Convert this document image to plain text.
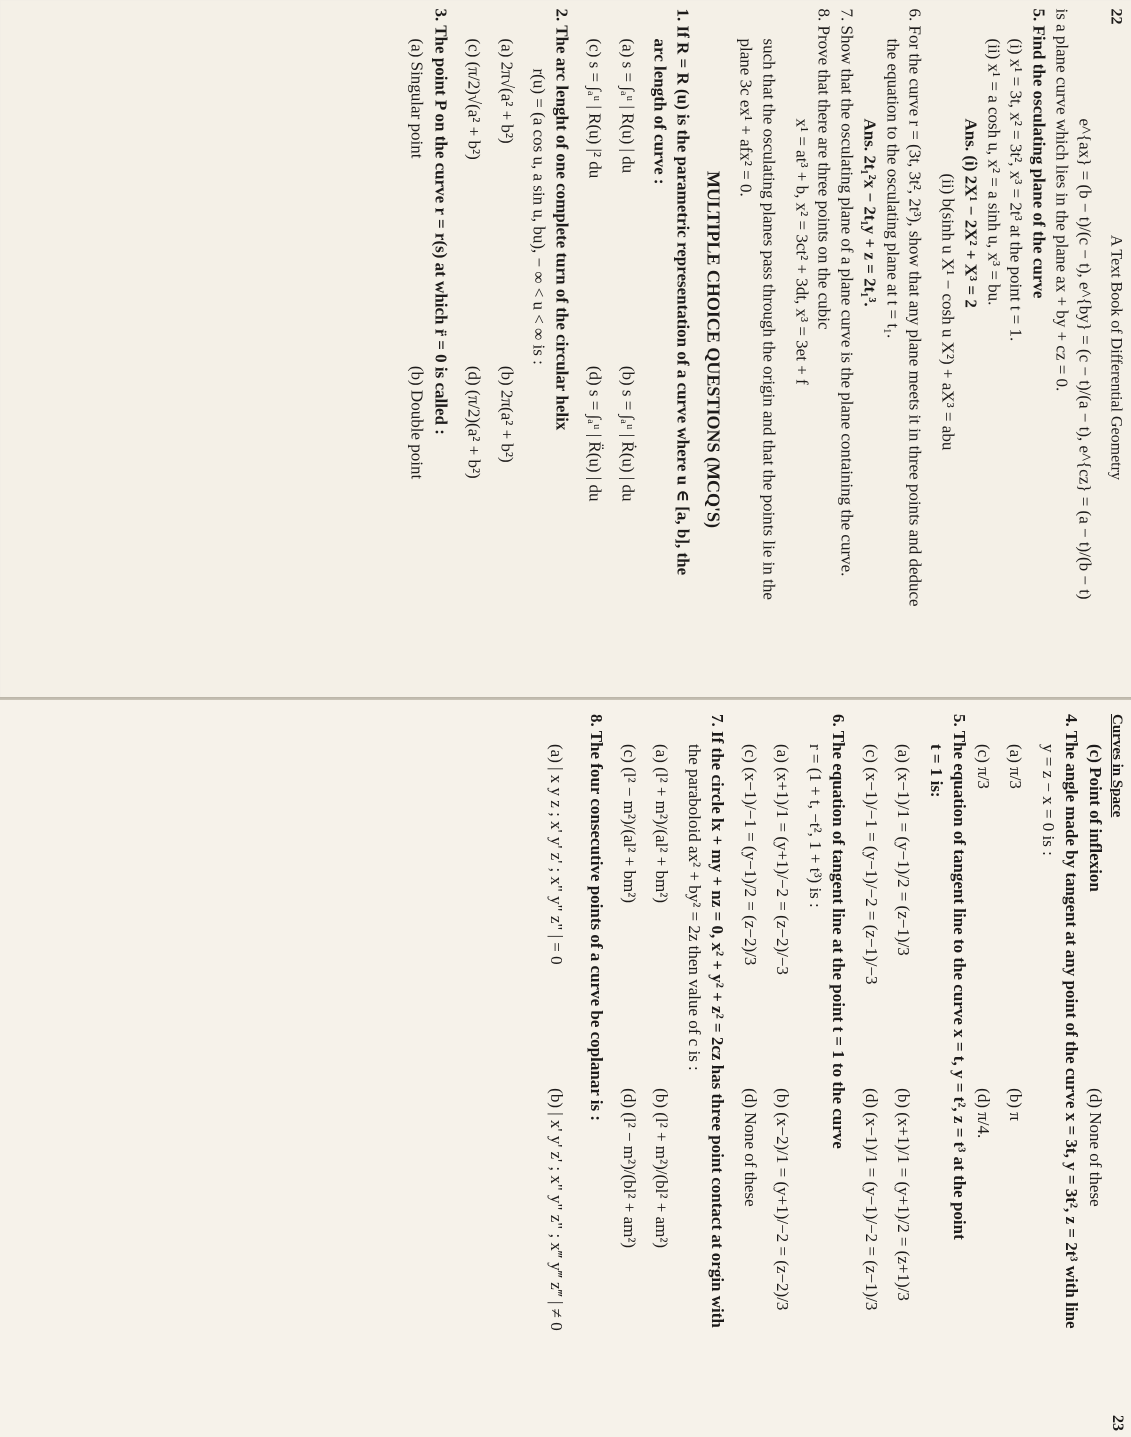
22
A Text Book of Differential Geometry
e^{ax} = (b − t)/(c − t), e^{by} = (c − t)/(a − t), e^{cz} = (a − t)/(b − t)
is a plane curve which lies in the plane ax + by + cz = 0.
5. Find the osculating plane of the curve
(i) x¹ = 3t, x² = 3t², x³ = 2t³ at the point t = 1.
(ii) x¹ = a cosh u, x² = a sinh u, x³ = bu.
Ans. (i) 2X¹ − 2X² + X³ = 2
(ii) b(sinh u X¹ − cosh u X²) + aX³ = abu
6. For the curve r = (3t, 3t², 2t³), show that any plane meets it in three points and deduce
the equation to the osculating plane at t = t₁.
Ans. 2t₁²x − 2t₁y + z = 2t₁³.
7. Show that the osculating plane of a plane curve is the plane containing the curve.
8. Prove that there are three points on the cubic
x¹ = at³ + b, x² = 3ct² + 3dt, x³ = 3et + f
such that the osculating planes pass through the origin and that the points lie in the
plane 3c ex¹ + afx² = 0.
MULTIPLE CHOICE QUESTIONS (MCQ'S)
1. If R = R (u) is the parametric representation of a curve where u ∈ [a, b], the
arc length of curve :
(a) s = ∫ₐᵘ | R(u) | du
(b) s = ∫ₐᵘ | Ṙ(u) | du
(c) s = ∫ₐᵘ | R(u) |² du
(d) s = ∫ₐᵘ | R̈(u) | du
2. The arc lenght of one complete turn of the circular helix
r(u) = (a cos u, a sin u, bu), − ∞ < u < ∞ is :
(a) 2π√(a² + b²)
(b) 2π(a² + b²)
(c) (π/2)√(a² + b²)
(d) (π/2)(a² + b²)
3. The point P on the curve r = r(s) at which r̈ = 0 is called :
(a) Singular point
(b) Double point
Curves in Space
23
(c) Point of inflexion
(d) None of these
4. The angle made by tangent at any point of the curve x = 3t, y = 3t², z = 2t³ with line
y = z − x = 0 is :
(a) π/3
(b) π
(c) π/3
(d) π/4.
5. The equation of tangent line to the curve x = t, y = t², z = t³ at the point
t = 1 is:
(a) (x−1)/1 = (y−1)/2 = (z−1)/3
(b) (x+1)/1 = (y+1)/2 = (z+1)/3
(c) (x−1)/−1 = (y−1)/−2 = (z−1)/−3
(d) (x−1)/1 = (y−1)/−2 = (z−1)/3
6. The equation of tangent line at the point t = 1 to the curve
r = (1 + t, −t², 1 + t³) is :
(a) (x+1)/1 = (y+1)/−2 = (z−2)/−3
(b) (x−2)/1 = (y+1)/−2 = (z−2)/3
(c) (x−1)/−1 = (y−1)/2 = (z−2)/3
(d) None of these
7. If the circle lx + my + nz = 0, x² + y² + z² = 2cz has three point contact at orgin with
the paraboloid ax² + by² = 2z then value of c is :
(a) (l² + m²)/(al² + bm²)
(b) (l² + m²)/(bl² + am²)
(c) (l² − m²)/(al² + bm²)
(d) (l² − m²)/(bl² + am²)
8. The four consecutive points of a curve be coplanar is :
(a) | x y z ; x' y' z' ; x" y" z" | = 0
(b) | x' y' z' ; x" y" z" ; x‴ y‴ z‴ | ≠ 0
